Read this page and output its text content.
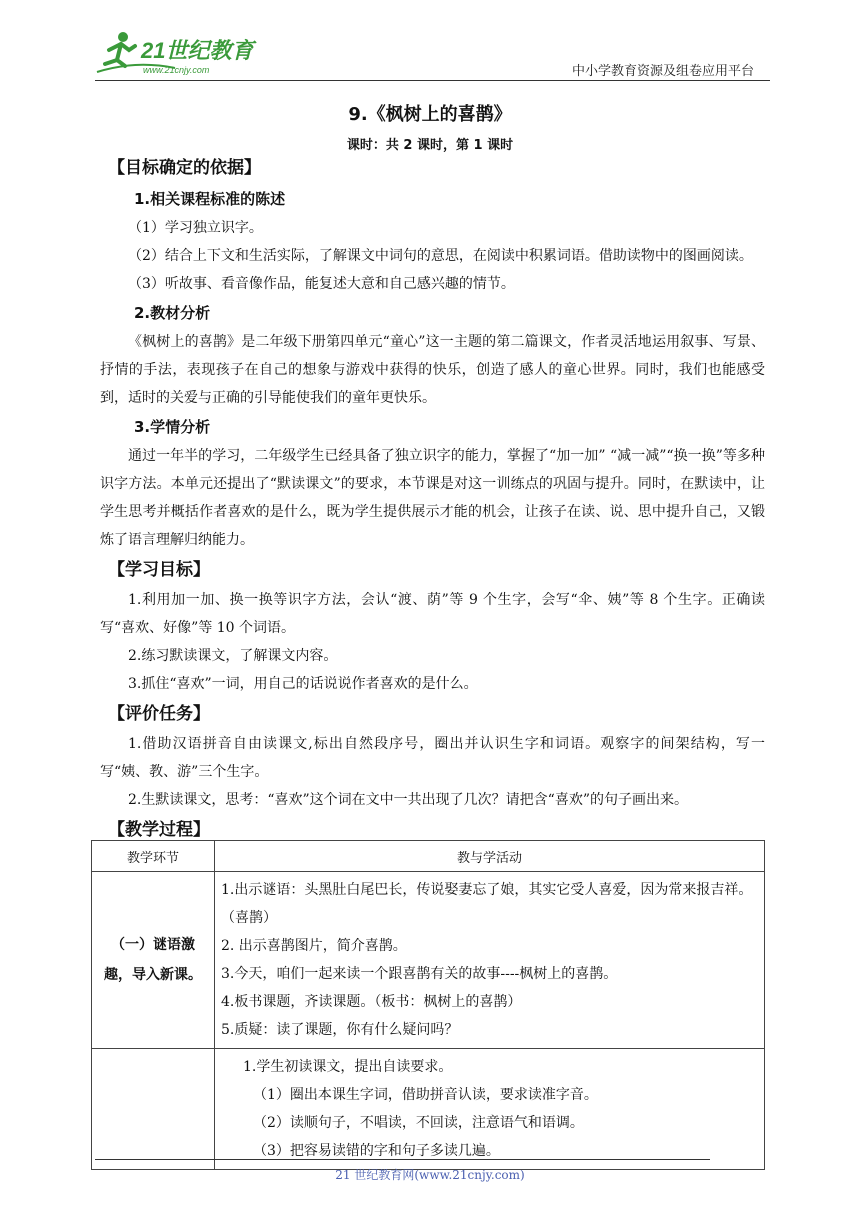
21世纪教育
www.21cnjy.com	中小学教育资源及组卷应用平台
9.《枫树上的喜鹊》
课时：共 2 课时，第 1 课时
【目标确定的依据】
1.相关课程标准的陈述

（1）学习独立识字。

（2）结合上下文和生活实际，了解课文中词句的意思，在阅读中积累词语。借助读物中的图画阅读。

（3）听故事、看音像作品，能复述大意和自己感兴趣的情节。

2.教材分析

《枫树上的喜鹊》是二年级下册第四单元“童心”这一主题的第二篇课文，作者灵活地运用叙事、写景、抒情的手法，表现孩子在自己的想象与游戏中获得的快乐，创造了感人的童心世界。同时，我们也能感受到，适时的关爱与正确的引导能使我们的童年更快乐。

3.学情分析

通过一年半的学习，二年级学生已经具备了独立识字的能力，掌握了“加一加” “减一减”“换一换”等多种识字方法。本单元还提出了“默读课文”的要求，本节课是对这一训练点的巩固与提升。同时，在默读中，让学生思考并概括作者喜欢的是什么，既为学生提供展示才能的机会，让孩子在读、说、思中提升自己，又锻炼了语言理解归纳能力。

【学习目标】

1.利用加一加、换一换等识字方法，会认“渡、荫”等 9 个生字，会写“伞、姨”等 8 个生字。正确读写“喜欢、好像”等 10 个词语。

2.练习默读课文，了解课文内容。

3.抓住“喜欢”一词，用自己的话说说作者喜欢的是什么。

【评价任务】

1.借助汉语拼音自由读课文,标出自然段序号，圈出并认识生字和词语。观察字的间架结构，写一写“姨、教、游”三个生字。

2.生默读课文，思考：“喜欢”这个词在文中一共出现了几次？请把含“喜欢”的句子画出来。

【教学过程】
教学环节	教与学活动
（一）谜语激趣，导入新课。	1.出示谜语：头黑肚白尾巴长，传说娶妻忘了娘，其实它受人喜爱，因为常来报吉祥。（喜鹊）
2. 出示喜鹊图片，简介喜鹊。
3.今天，咱们一起来读一个跟喜鹊有关的故事----枫树上的喜鹊。
4.板书课题，齐读课题。（板书：枫树上的喜鹊）
5.质疑：读了课题，你有什么疑问吗？

	1.学生初读课文，提出自读要求。
（1）圈出本课生字词，借助拼音认读，要求读准字音。
（2）读顺句子，不唱读，不回读，注意语气和语调。
（3）把容易读错的字和句子多读几遍。
21 世纪教育网(www.21cnjy.com)
